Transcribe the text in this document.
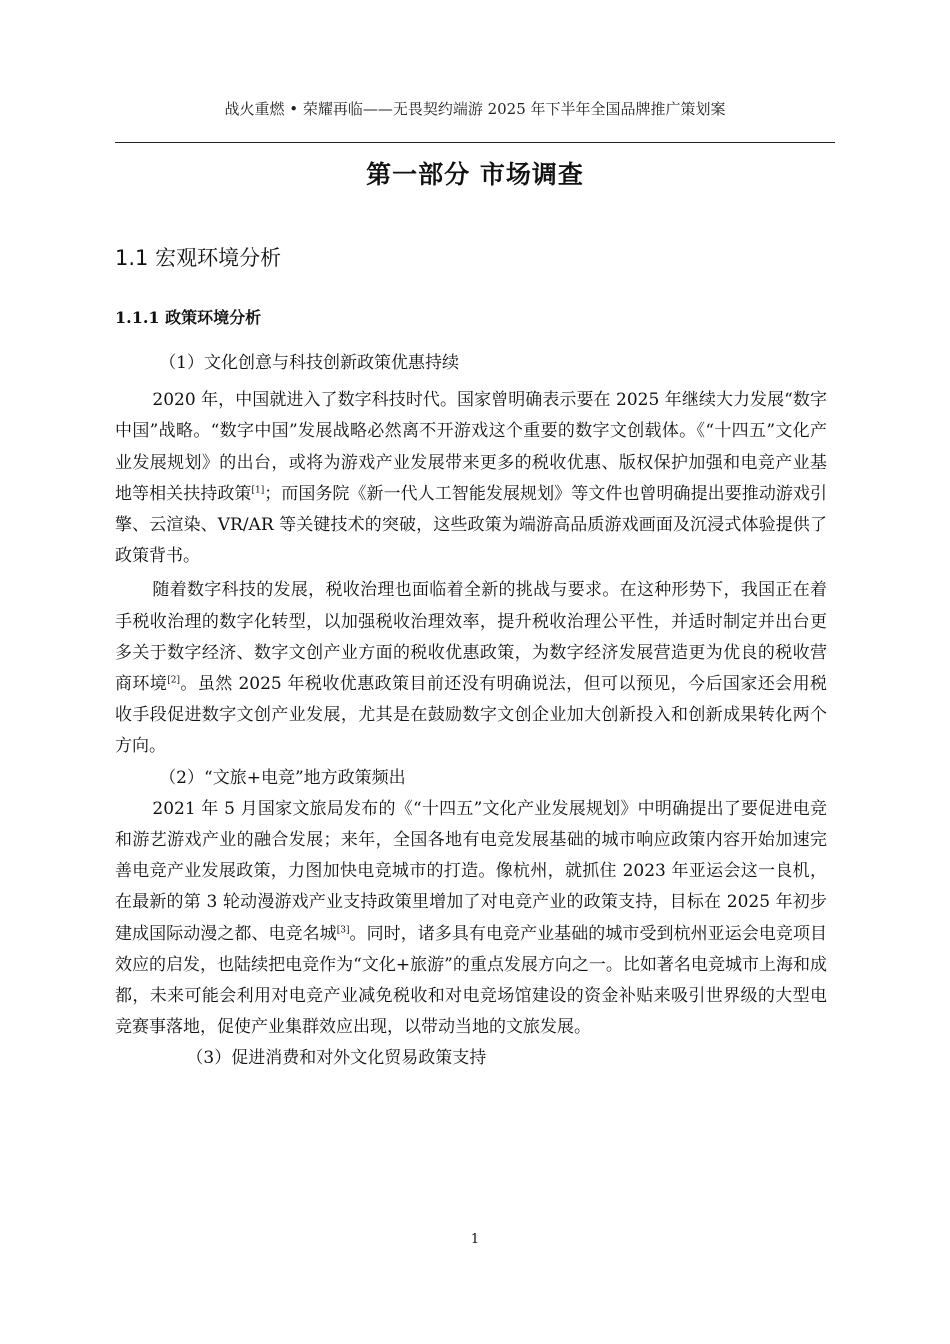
战火重燃 • 荣耀再临——无畏契约端游 2025 年下半年全国品牌推广策划案
第一部分 市场调查
1.1 宏观环境分析
1.1.1 政策环境分析

（1）文化创意与科技创新政策优惠持续

2020 年，中国就进入了数字科技时代。国家曾明确表示要在 2025 年继续大力发展“数字中国”战略。“数字中国”发展战略必然离不开游戏这个重要的数字文创载体。《“十四五”文化产业发展规划》的出台，或将为游戏产业发展带来更多的税收优惠、版权保护加强和电竞产业基地等相关扶持政策[1]；而国务院《新一代人工智能发展规划》等文件也曾明确提出要推动游戏引擎、云渲染、VR/AR 等关键技术的突破，这些政策为端游高品质游戏画面及沉浸式体验提供了政策背书。

随着数字科技的发展，税收治理也面临着全新的挑战与要求。在这种形势下，我国正在着手税收治理的数字化转型，以加强税收治理效率，提升税收治理公平性，并适时制定并出台更多关于数字经济、数字文创产业方面的税收优惠政策，为数字经济发展营造更为优良的税收营商环境[2]。虽然 2025 年税收优惠政策目前还没有明确说法，但可以预见，今后国家还会用税收手段促进数字文创产业发展，尤其是在鼓励数字文创企业加大创新投入和创新成果转化两个方向。

（2）“文旅+电竞”地方政策频出

2021 年 5 月国家文旅局发布的《“十四五”文化产业发展规划》中明确提出了要促进电竞和游艺游戏产业的融合发展；来年，全国各地有电竞发展基础的城市响应政策内容开始加速完善电竞产业发展政策，力图加快电竞城市的打造。像杭州，就抓住 2023 年亚运会这一良机，在最新的第 3 轮动漫游戏产业支持政策里增加了对电竞产业的政策支持，目标在 2025 年初步建成国际动漫之都、电竞名城[3]。同时，诸多具有电竞产业基础的城市受到杭州亚运会电竞项目效应的启发，也陆续把电竞作为“文化+旅游”的重点发展方向之一。比如著名电竞城市上海和成都，未来可能会利用对电竞产业减免税收和对电竞场馆建设的资金补贴来吸引世界级的大型电竞赛事落地，促使产业集群效应出现，以带动当地的文旅发展。

（3）促进消费和对外文化贸易政策支持

1
